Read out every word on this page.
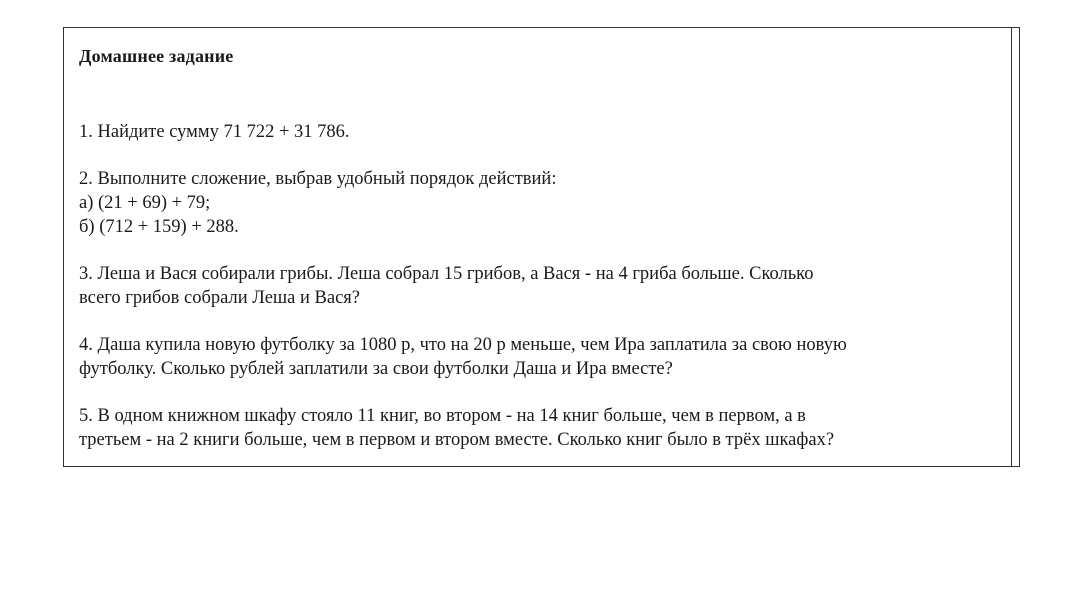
Домашнее задание
1. Найдите сумму 71 722 + 31 786.
2. Выполните сложение, выбрав удобный порядок действий:
а) (21 + 69) + 79;
б) (712 + 159) + 288.
3. Леша и Вася собирали грибы. Леша собрал 15 грибов, а Вася - на 4 гриба больше. Сколько
всего грибов собрали Леша и Вася?
4. Даша купила новую футболку за 1080 р, что на 20 р меньше, чем Ира заплатила за свою новую
футболку. Сколько рублей заплатили за свои футболки Даша и Ира вместе?
5. В одном книжном шкафу стояло 11 книг, во втором - на 14 книг больше, чем в первом, а в
третьем - на 2 книги больше, чем в первом и втором вместе. Сколько книг было в трёх шкафах?
